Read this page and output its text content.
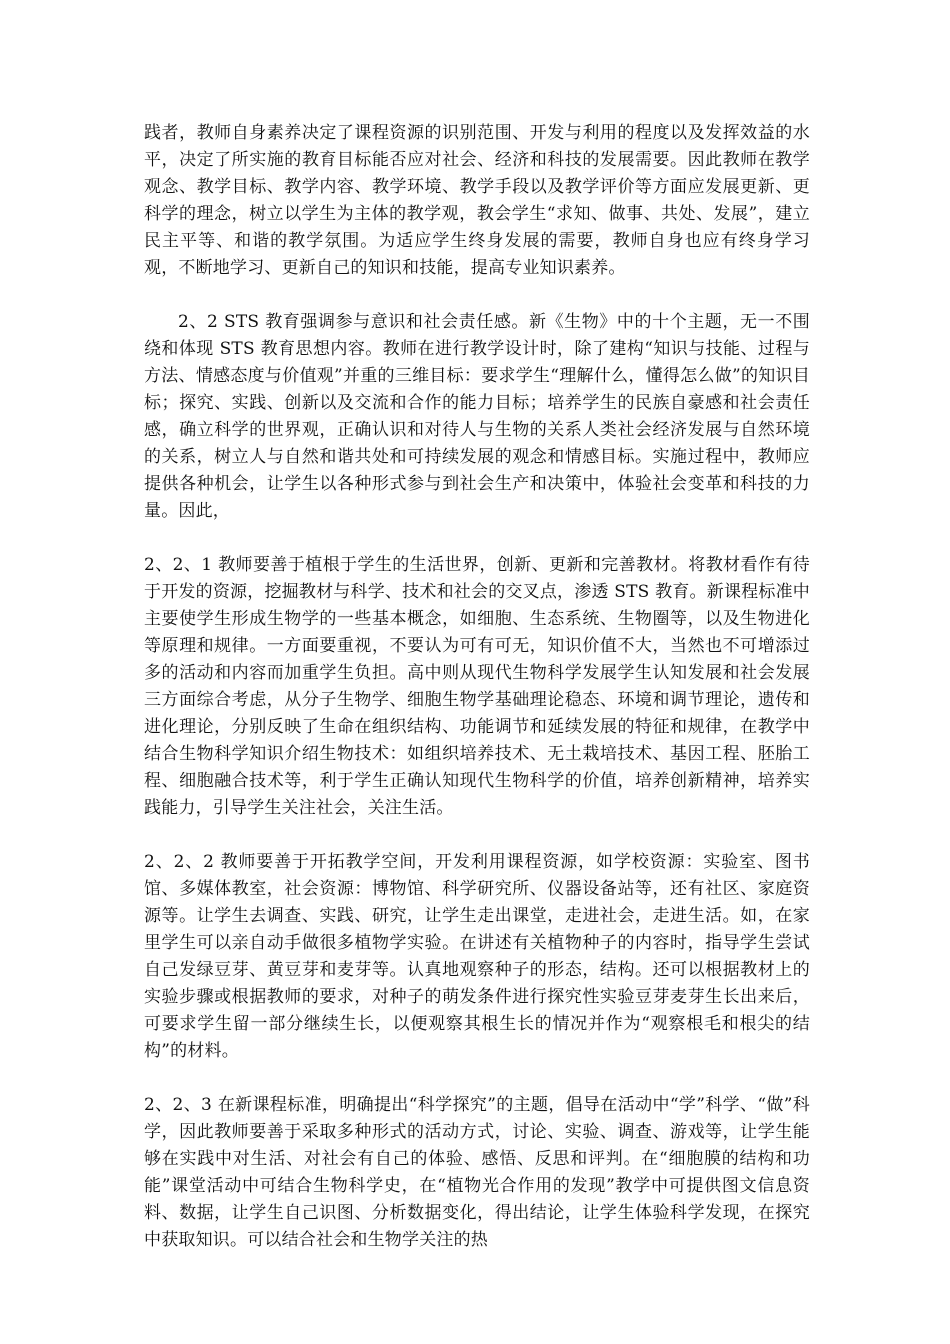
践者，教师自身素养决定了课程资源的识别范围、开发与利用的程度以及发挥效益的水平，决定了所实施的教育目标能否应对社会、经济和科技的发展需要。因此教师在教学观念、教学目标、教学内容、教学环境、教学手段以及教学评价等方面应发展更新、更科学的理念，树立以学生为主体的教学观，教会学生“求知、做事、共处、发展”，建立民主平等、和谐的教学氛围。为适应学生终身发展的需要，教师自身也应有终身学习观，不断地学习、更新自己的知识和技能，提高专业知识素养。

2、2 STS 教育强调参与意识和社会责任感。新《生物》中的十个主题，无一不围绕和体现 STS 教育思想内容。教师在进行教学设计时，除了建构“知识与技能、过程与方法、情感态度与价值观”并重的三维目标：要求学生“理解什么，懂得怎么做”的知识目标；探究、实践、创新以及交流和合作的能力目标；培养学生的民族自豪感和社会责任感，确立科学的世界观，正确认识和对待人与生物的关系人类社会经济发展与自然环境的关系，树立人与自然和谐共处和可持续发展的观念和情感目标。实施过程中，教师应提供各种机会，让学生以各种形式参与到社会生产和决策中，体验社会变革和科技的力量。因此，

2、2、1 教师要善于植根于学生的生活世界，创新、更新和完善教材。将教材看作有待于开发的资源，挖掘教材与科学、技术和社会的交叉点，渗透 STS 教育。新课程标准中主要使学生形成生物学的一些基本概念，如细胞、生态系统、生物圈等，以及生物进化等原理和规律。一方面要重视，不要认为可有可无，知识价值不大，当然也不可增添过多的活动和内容而加重学生负担。高中则从现代生物科学发展学生认知发展和社会发展三方面综合考虑，从分子生物学、细胞生物学基础理论稳态、环境和调节理论，遗传和进化理论，分别反映了生命在组织结构、功能调节和延续发展的特征和规律，在教学中结合生物科学知识介绍生物技术：如组织培养技术、无土栽培技术、基因工程、胚胎工程、细胞融合技术等，利于学生正确认知现代生物科学的价值，培养创新精神，培养实践能力，引导学生关注社会，关注生活。

2、2、2 教师要善于开拓教学空间，开发利用课程资源，如学校资源：实验室、图书馆、多媒体教室，社会资源：博物馆、科学研究所、仪器设备站等，还有社区、家庭资源等。让学生去调查、实践、研究，让学生走出课堂，走进社会，走进生活。如，在家里学生可以亲自动手做很多植物学实验。在讲述有关植物种子的内容时，指导学生尝试自己发绿豆芽、黄豆芽和麦芽等。认真地观察种子的形态，结构。还可以根据教材上的实验步骤或根据教师的要求，对种子的萌发条件进行探究性实验豆芽麦芽生长出来后，可要求学生留一部分继续生长，以便观察其根生长的情况并作为“观察根毛和根尖的结构”的材料。

2、2、3 在新课程标准，明确提出“科学探究”的主题，倡导在活动中“学”科学、“做”科学，因此教师要善于采取多种形式的活动方式，讨论、实验、调查、游戏等，让学生能够在实践中对生活、对社会有自己的体验、感悟、反思和评判。在“细胞膜的结构和功能”课堂活动中可结合生物科学史，在“植物光合作用的发现”教学中可提供图文信息资料、数据，让学生自己识图、分析数据变化，得出结论，让学生体验科学发现，在探究中获取知识。可以结合社会和生物学关注的热
